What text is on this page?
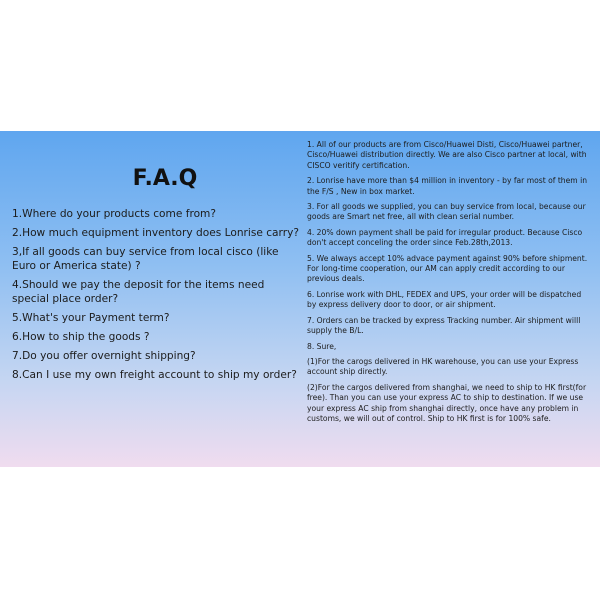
F.A.Q
1.Where do your products come from?
2.How much equipment inventory does Lonrise carry?
3,If all goods can buy service from local cisco (like Euro or America state) ?
4.Should we pay the deposit for the items need special place order?
5.What's your Payment term?
6.How to ship the goods ?
7.Do you offer overnight shipping?
8.Can I use my own freight account to ship my order?
1. All of our products are from Cisco/Huawei Disti, Cisco/Huawei partner, Cisco/Huawei distribution directly. We are also Cisco partner at local, with CISCO veritify certification.
2. Lonrise have more than $4 million in inventory - by far most of them in the F/S , New in box market.
3. For all goods we supplied, you can buy service from local, because our goods are Smart net free, all with clean serial number.
4. 20% down payment shall be paid for irregular product. Because Cisco don't accept conceling the order since Feb.28th,2013.
5. We always accept 10% advace payment against 90% before shipment. For long-time cooperation, our AM can apply credit according to our previous deals.
6. Lonrise work with DHL, FEDEX and UPS, your order will be dispatched by express delivery door to door, or air shipment.
7. Orders can be tracked by express Tracking number. Air shipment willl supply the B/L.
8. Sure,
(1)For the carogs delivered in HK warehouse, you can use your Express account ship directly.
(2)For the cargos delivered from shanghai, we need to ship to HK first(for free). Than you can use your express AC to ship to destination. If we use your express AC ship from shanghai directly, once have any problem in customs, we will out of control. Ship to HK first is for 100% safe.
